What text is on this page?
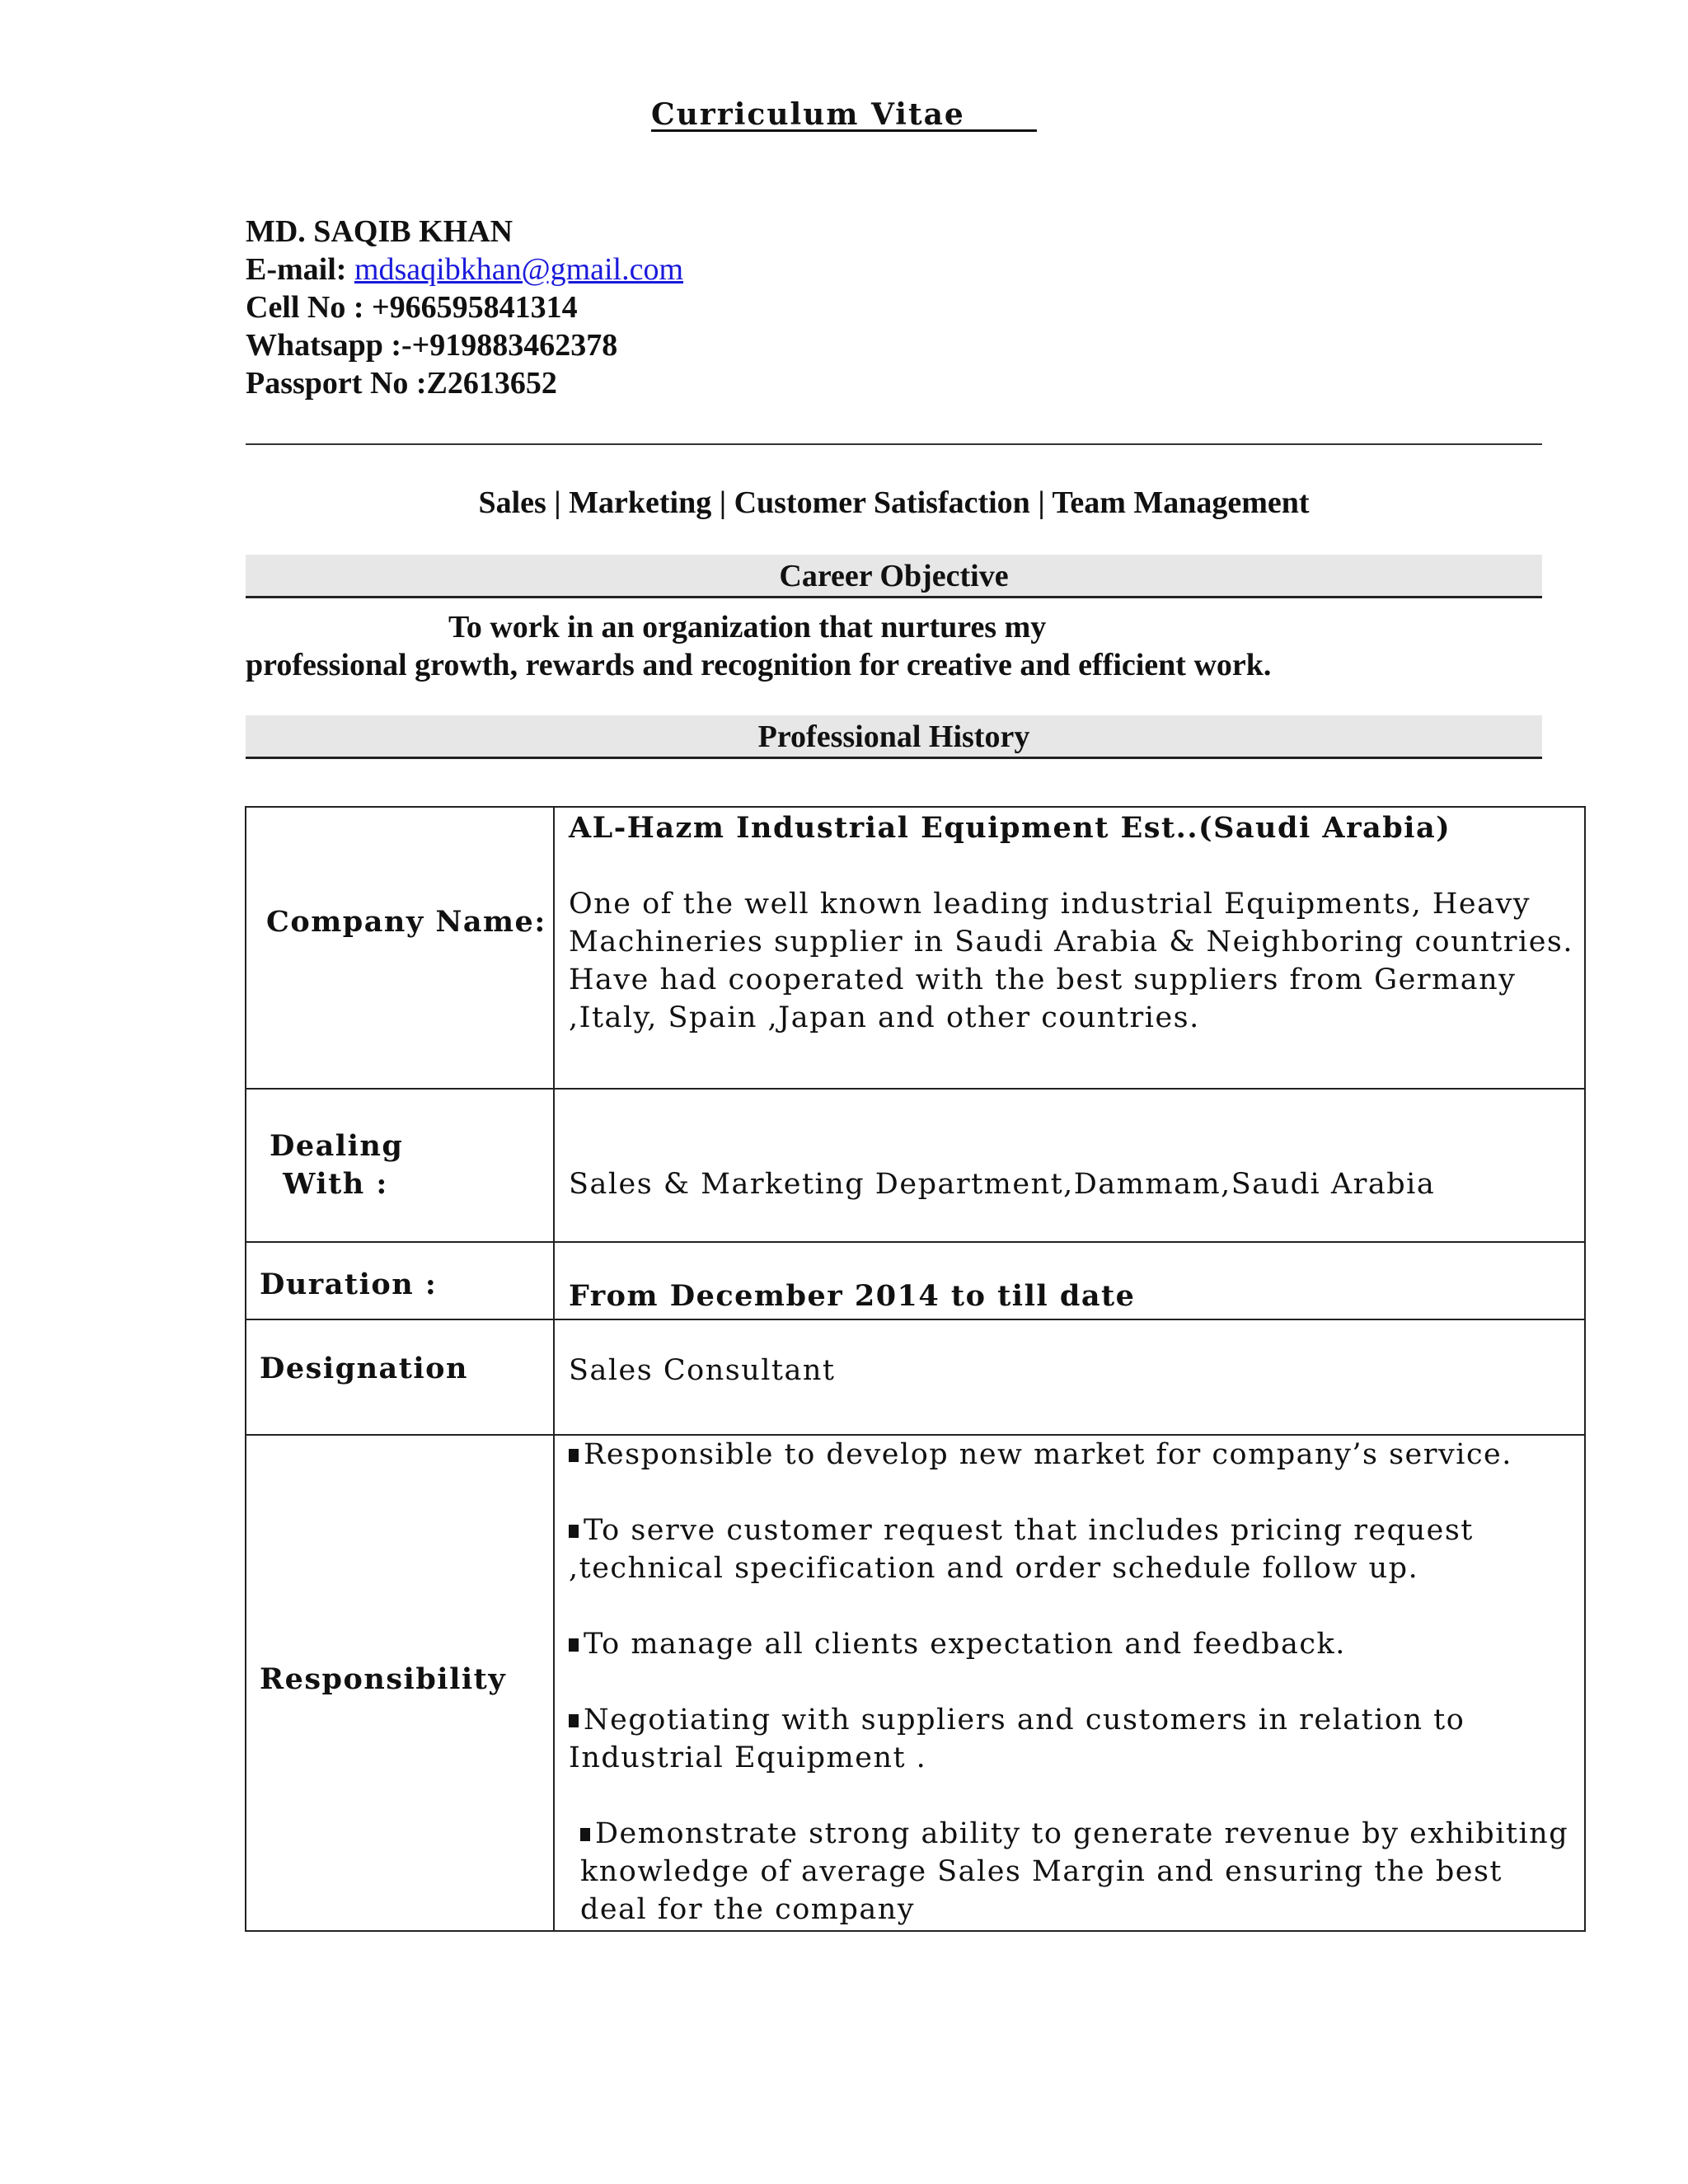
Curriculum Vitae
MD. SAQIB KHAN
E-mail: mdsaqibkhan@gmail.com
Cell No : +966595841314
Whatsapp :-+919883462378
Passport No :Z2613652
Sales | Marketing | Customer Satisfaction | Team Management
Career Objective
To work in an organization that nurtures my
professional growth, rewards and recognition for creative and efficient work.
Professional History
Company Name:	AL-Hazm Industrial Equipment Est..(Saudi Arabia)
One of the well known leading industrial Equipments, Heavy Machineries supplier in Saudi Arabia & Neighboring countries. Have had cooperated with the best suppliers from Germany ,Italy, Spain ,Japan and other countries.

Dealing With :	Sales & Marketing Department,Dammam,Saudi Arabia

Duration :	From December 2014 to till date

Designation	Sales Consultant

Responsibility	Responsible to develop new market for company’s service.
To serve customer request that includes pricing request ,technical specification and order schedule follow up.
To manage all clients expectation and feedback.
Negotiating with suppliers and customers in relation to Industrial Equipment .
Demonstrate strong ability to generate revenue by exhibiting knowledge of average Sales Margin and ensuring the best deal for the company
